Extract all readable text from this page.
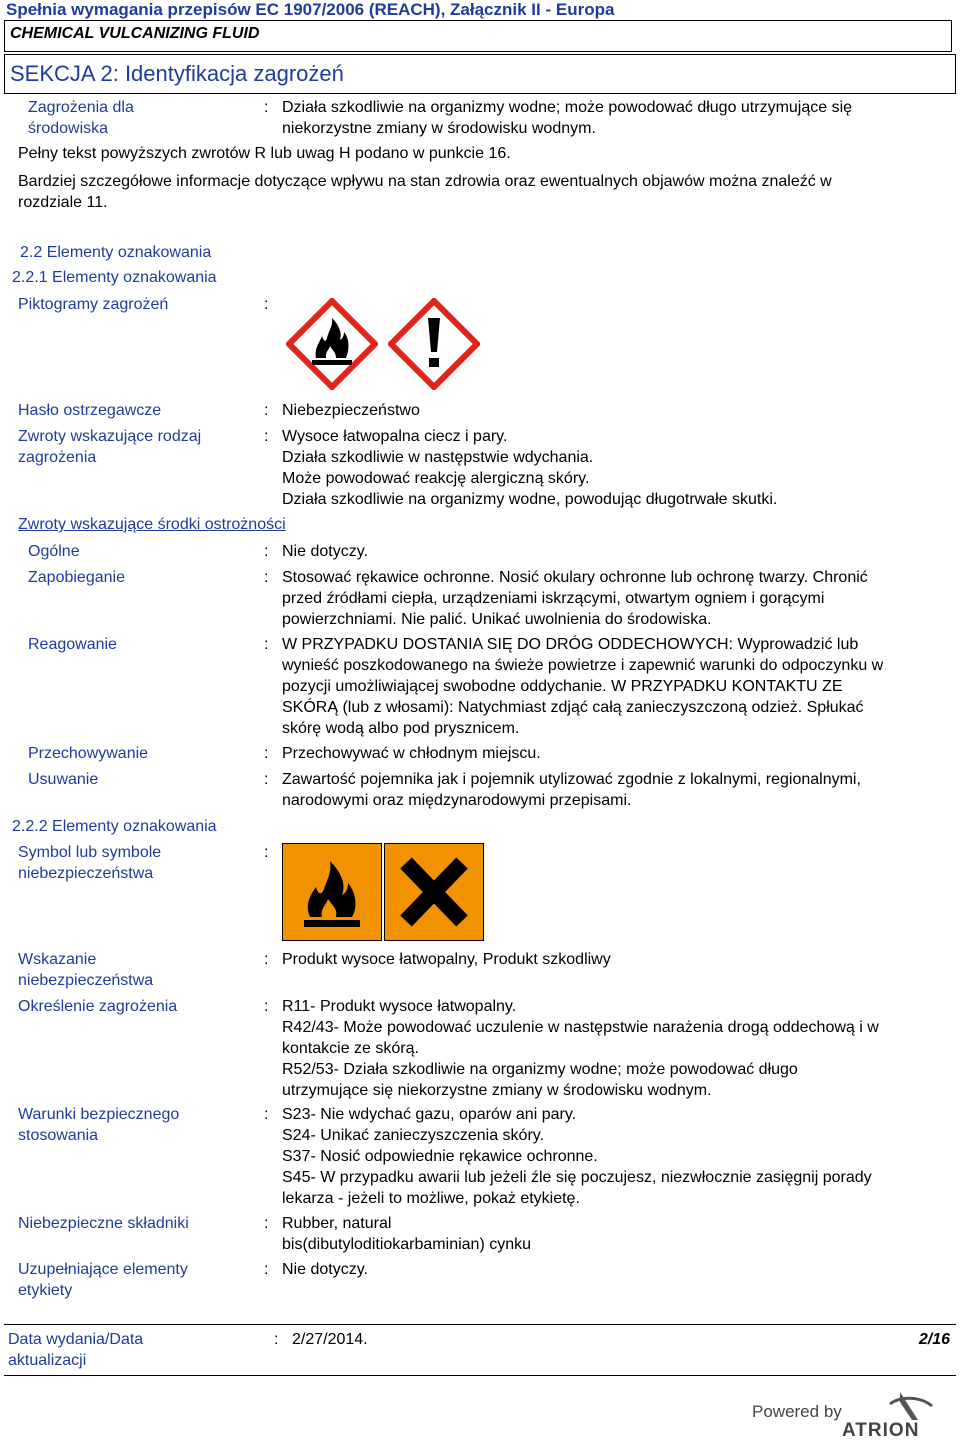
Spełnia wymagania przepisów EC 1907/2006 (REACH), Załącznik II - Europa
CHEMICAL VULCANIZING FLUID
SEKCJA 2: Identyfikacja zagrożeń
Zagrożenia dla
środowiska
: Działa szkodliwie na organizmy wodne; może powodować długo utrzymujące się
niekorzystne zmiany w środowisku wodnym.
Pełny tekst powyższych zwrotów R lub uwag H podano w punkcie 16.
Bardziej szczegółowe informacje dotyczące wpływu na stan zdrowia oraz ewentualnych objawów można znaleźć w
rozdziale 11.
2.2 Elementy oznakowania
2.2.1 Elementy oznakowania
Piktogramy zagrożeń	:
Hasło ostrzegawcze	: Niebezpieczeństwo
Zwroty wskazujące rodzaj
zagrożenia
: Wysoce łatwopalna ciecz i pary.
Działa szkodliwie w następstwie wdychania.
Może powodować reakcję alergiczną skóry.
Działa szkodliwie na organizmy wodne, powodując długotrwałe skutki.
Zwroty wskazujące środki ostrożności
Ogólne	: Nie dotyczy.
Zapobieganie	: Stosować rękawice ochronne. Nosić okulary ochronne lub ochronę twarzy. Chronić
przed źródłami ciepła, urządzeniami iskrzącymi, otwartym ogniem i gorącymi
powierzchniami. Nie palić. Unikać uwolnienia do środowiska.
Reagowanie	: W PRZYPADKU DOSTANIA SIĘ DO DRÓG ODDECHOWYCH: Wyprowadzić lub
wynieść poszkodowanego na świeże powietrze i zapewnić warunki do odpoczynku w
pozycji umożliwiającej swobodne oddychanie. W PRZYPADKU KONTAKTU ZE
SKÓRĄ (lub z włosami): Natychmiast zdjąć całą zanieczyszczoną odzież. Spłukać
skórę wodą albo pod prysznicem.
Przechowywanie	: Przechowywać w chłodnym miejscu.
Usuwanie	: Zawartość pojemnika jak i pojemnik utylizować zgodnie z lokalnymi, regionalnymi,
narodowymi oraz międzynarodowymi przepisami.
2.2.2 Elementy oznakowania
Symbol lub symbole
niebezpieczeństwa
:
Wskazanie
niebezpieczeństwa
: Produkt wysoce łatwopalny, Produkt szkodliwy
Określenie zagrożenia	: R11- Produkt wysoce łatwopalny.
R42/43- Może powodować uczulenie w następstwie narażenia drogą oddechową i w
kontakcie ze skórą.
R52/53- Działa szkodliwie na organizmy wodne; może powodować długo
utrzymujące się niekorzystne zmiany w środowisku wodnym.
Warunki bezpiecznego
stosowania
: S23- Nie wdychać gazu, oparów ani pary.
S24- Unikać zanieczyszczenia skóry.
S37- Nosić odpowiednie rękawice ochronne.
S45- W przypadku awarii lub jeżeli źle się poczujesz, niezwłocznie zasięgnij porady
lekarza - jeżeli to możliwe, pokaż etykietę.
Niebezpieczne składniki	: Rubber, natural
bis(dibutyloditiokarbaminian) cynku
Uzupełniające elementy
etykiety
: Nie dotyczy.
Data wydania/Data
aktualizacji
: 2/27/2014.	2/16
Powered by
ATRION
